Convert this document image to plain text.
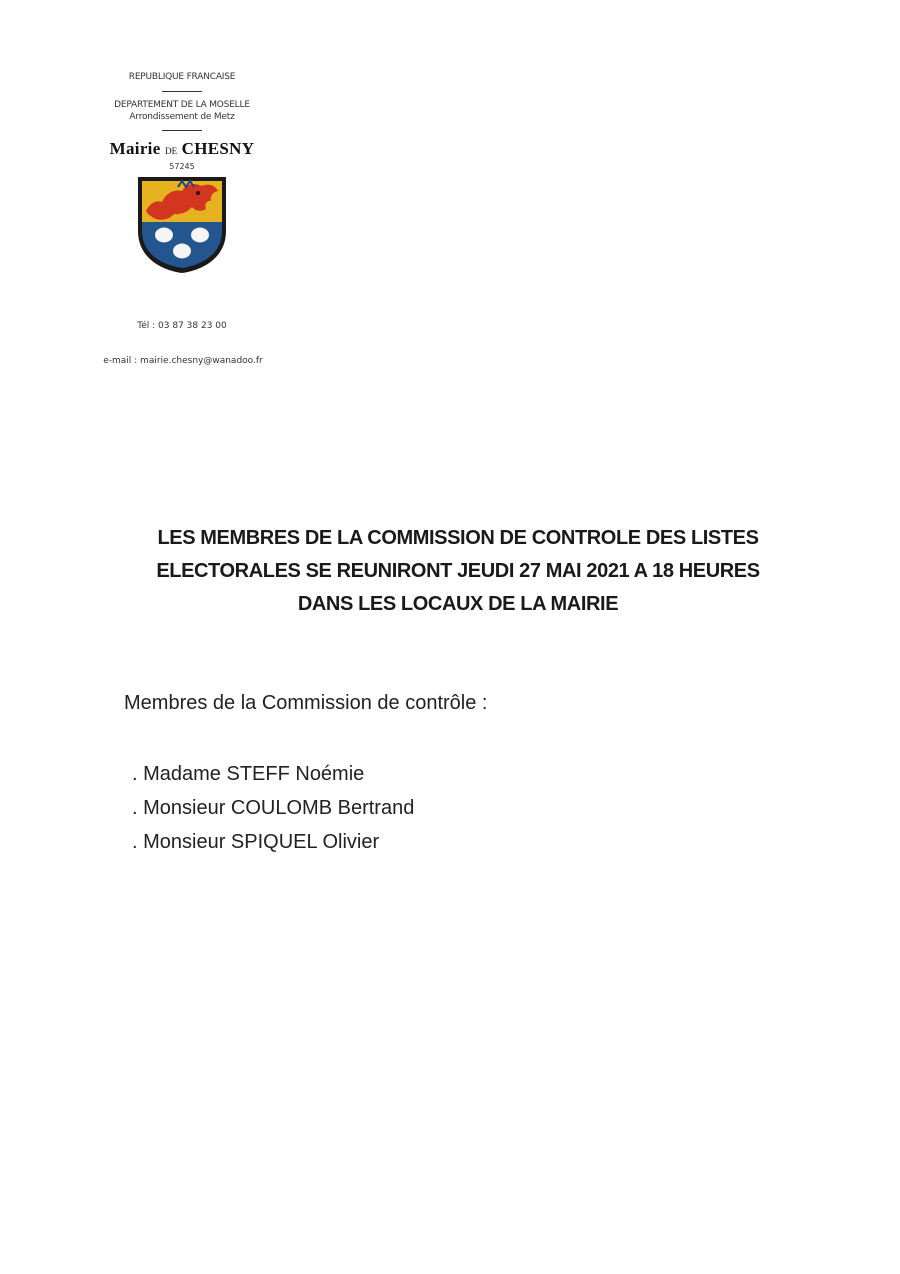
REPUBLIQUE FRANCAISE
DEPARTEMENT DE LA MOSELLE
Arrondissement de Metz
Mairie DE CHESNY
57245
Tél : 03 87 38 23 00
e-mail : mairie.chesny@wanadoo.fr
LES MEMBRES DE LA COMMISSION DE CONTROLE DES LISTES
ELECTORALES SE REUNIRONT JEUDI 27 MAI 2021 A 18 HEURES
DANS LES LOCAUX DE LA MAIRIE
Membres de la Commission de contrôle :
. Madame STEFF Noémie
. Monsieur COULOMB Bertrand
. Monsieur SPIQUEL Olivier
